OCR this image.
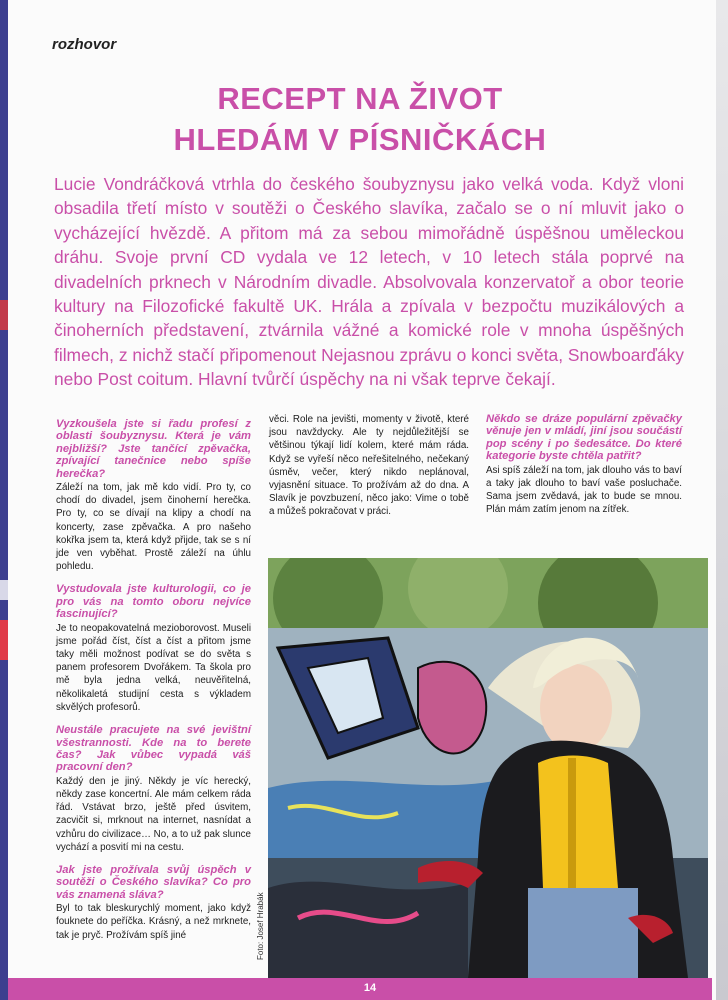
rozhovor
RECEPT NA ŽIVOT
HLEDÁM V PÍSNIČKÁCH
Lucie Vondráčková vtrhla do českého šoubyznysu jako velká voda. Když vloni obsadila třetí místo v soutěži o Českého slavíka, začalo se o ní mluvit jako o vycházející hvězdě. A přitom má za sebou mimořádně úspěšnou uměleckou dráhu. Svoje první CD vydala ve 12 letech, v 10 letech stála poprvé na divadelních prknech v Národním divadle. Absolvovala konzervatoř a obor teorie kultury na Filozofické fakultě UK. Hrála a zpívala v bezpočtu muzikálových a činoherních představení, ztvárnila vážné a komické role v mnoha úspěšných filmech, z nichž stačí připomenout Nejasnou zprávu o konci světa, Snowboarďáky nebo Post coitum. Hlavní tvůrčí úspěchy na ni však teprve čekají.

Vyzkoušela jste si řadu profesí z oblasti šoubyznysu. Která je vám nejbližší? Jste tančící zpěvačka, zpívající tanečnice nebo spíše herečka?

Záleží na tom, jak mě kdo vidí. Pro ty, co chodí do divadel, jsem činoherní herečka. Pro ty, co se dívají na klipy a chodí na koncerty, zase zpěvačka. A pro našeho kokřka jsem ta, která když přijde, tak se s ní jde ven vyběhat. Prostě záleží na úhlu pohledu.

Vystudovala jste kulturologii, co je pro vás na tomto oboru nejvíce fascinující?

Je to neopakovatelná mezioborovost. Museli jsme pořád číst, číst a číst a přitom jsme taky měli možnost podívat se do světa s panem profesorem Dvořákem. Ta škola pro mě byla jedna velká, neuvěřitelná, několikaletá studijní cesta s výkladem skvělých profesorů.

Neustále pracujete na své jevištní všestrannosti. Kde na to berete čas? Jak vůbec vypadá váš pracovní den?

Každý den je jiný. Někdy je víc herecký, někdy zase koncertní. Ale mám celkem ráda řád. Vstávat brzo, ještě před úsvitem, zacvičit si, mrknout na internet, nasnídat a vzhůru do civilizace… No, a to už pak slunce vychází a posvití mi na cestu.

Jak jste prožívala svůj úspěch v soutěži o Českého slavíka? Co pro vás znamená sláva?

Byl to tak bleskurychlý moment, jako když fouknete do peříčka. Krásný, a než mrknete, tak je pryč. Prožívám spíš jiné

věci. Role na jevišti, momenty v životě, které jsou navždycky. Ale ty nejdůležitější se většinou týkají lidí kolem, které mám ráda. Když se vyřeší něco neřešitelného, nečekaný úsměv, večer, který nikdo neplánoval, vyjasnění situace. To prožívám až do dna. A Slavík je povzbuzení, něco jako: Vime o tobě a můžeš pokračovat v práci.

Někdo se dráze populární zpěvačky věnuje jen v mládí, jiní jsou součástí pop scény i po šedesátce. Do které kategorie byste chtěla patřit?

Asi spíš záleží na tom, jak dlouho vás to baví a taky jak dlouho to baví vaše posluchače. Sama jsem zvědavá, jak to bude se mnou. Plán mám zatím jenom na zítřek.

Foto: Josef Hrabák
14
